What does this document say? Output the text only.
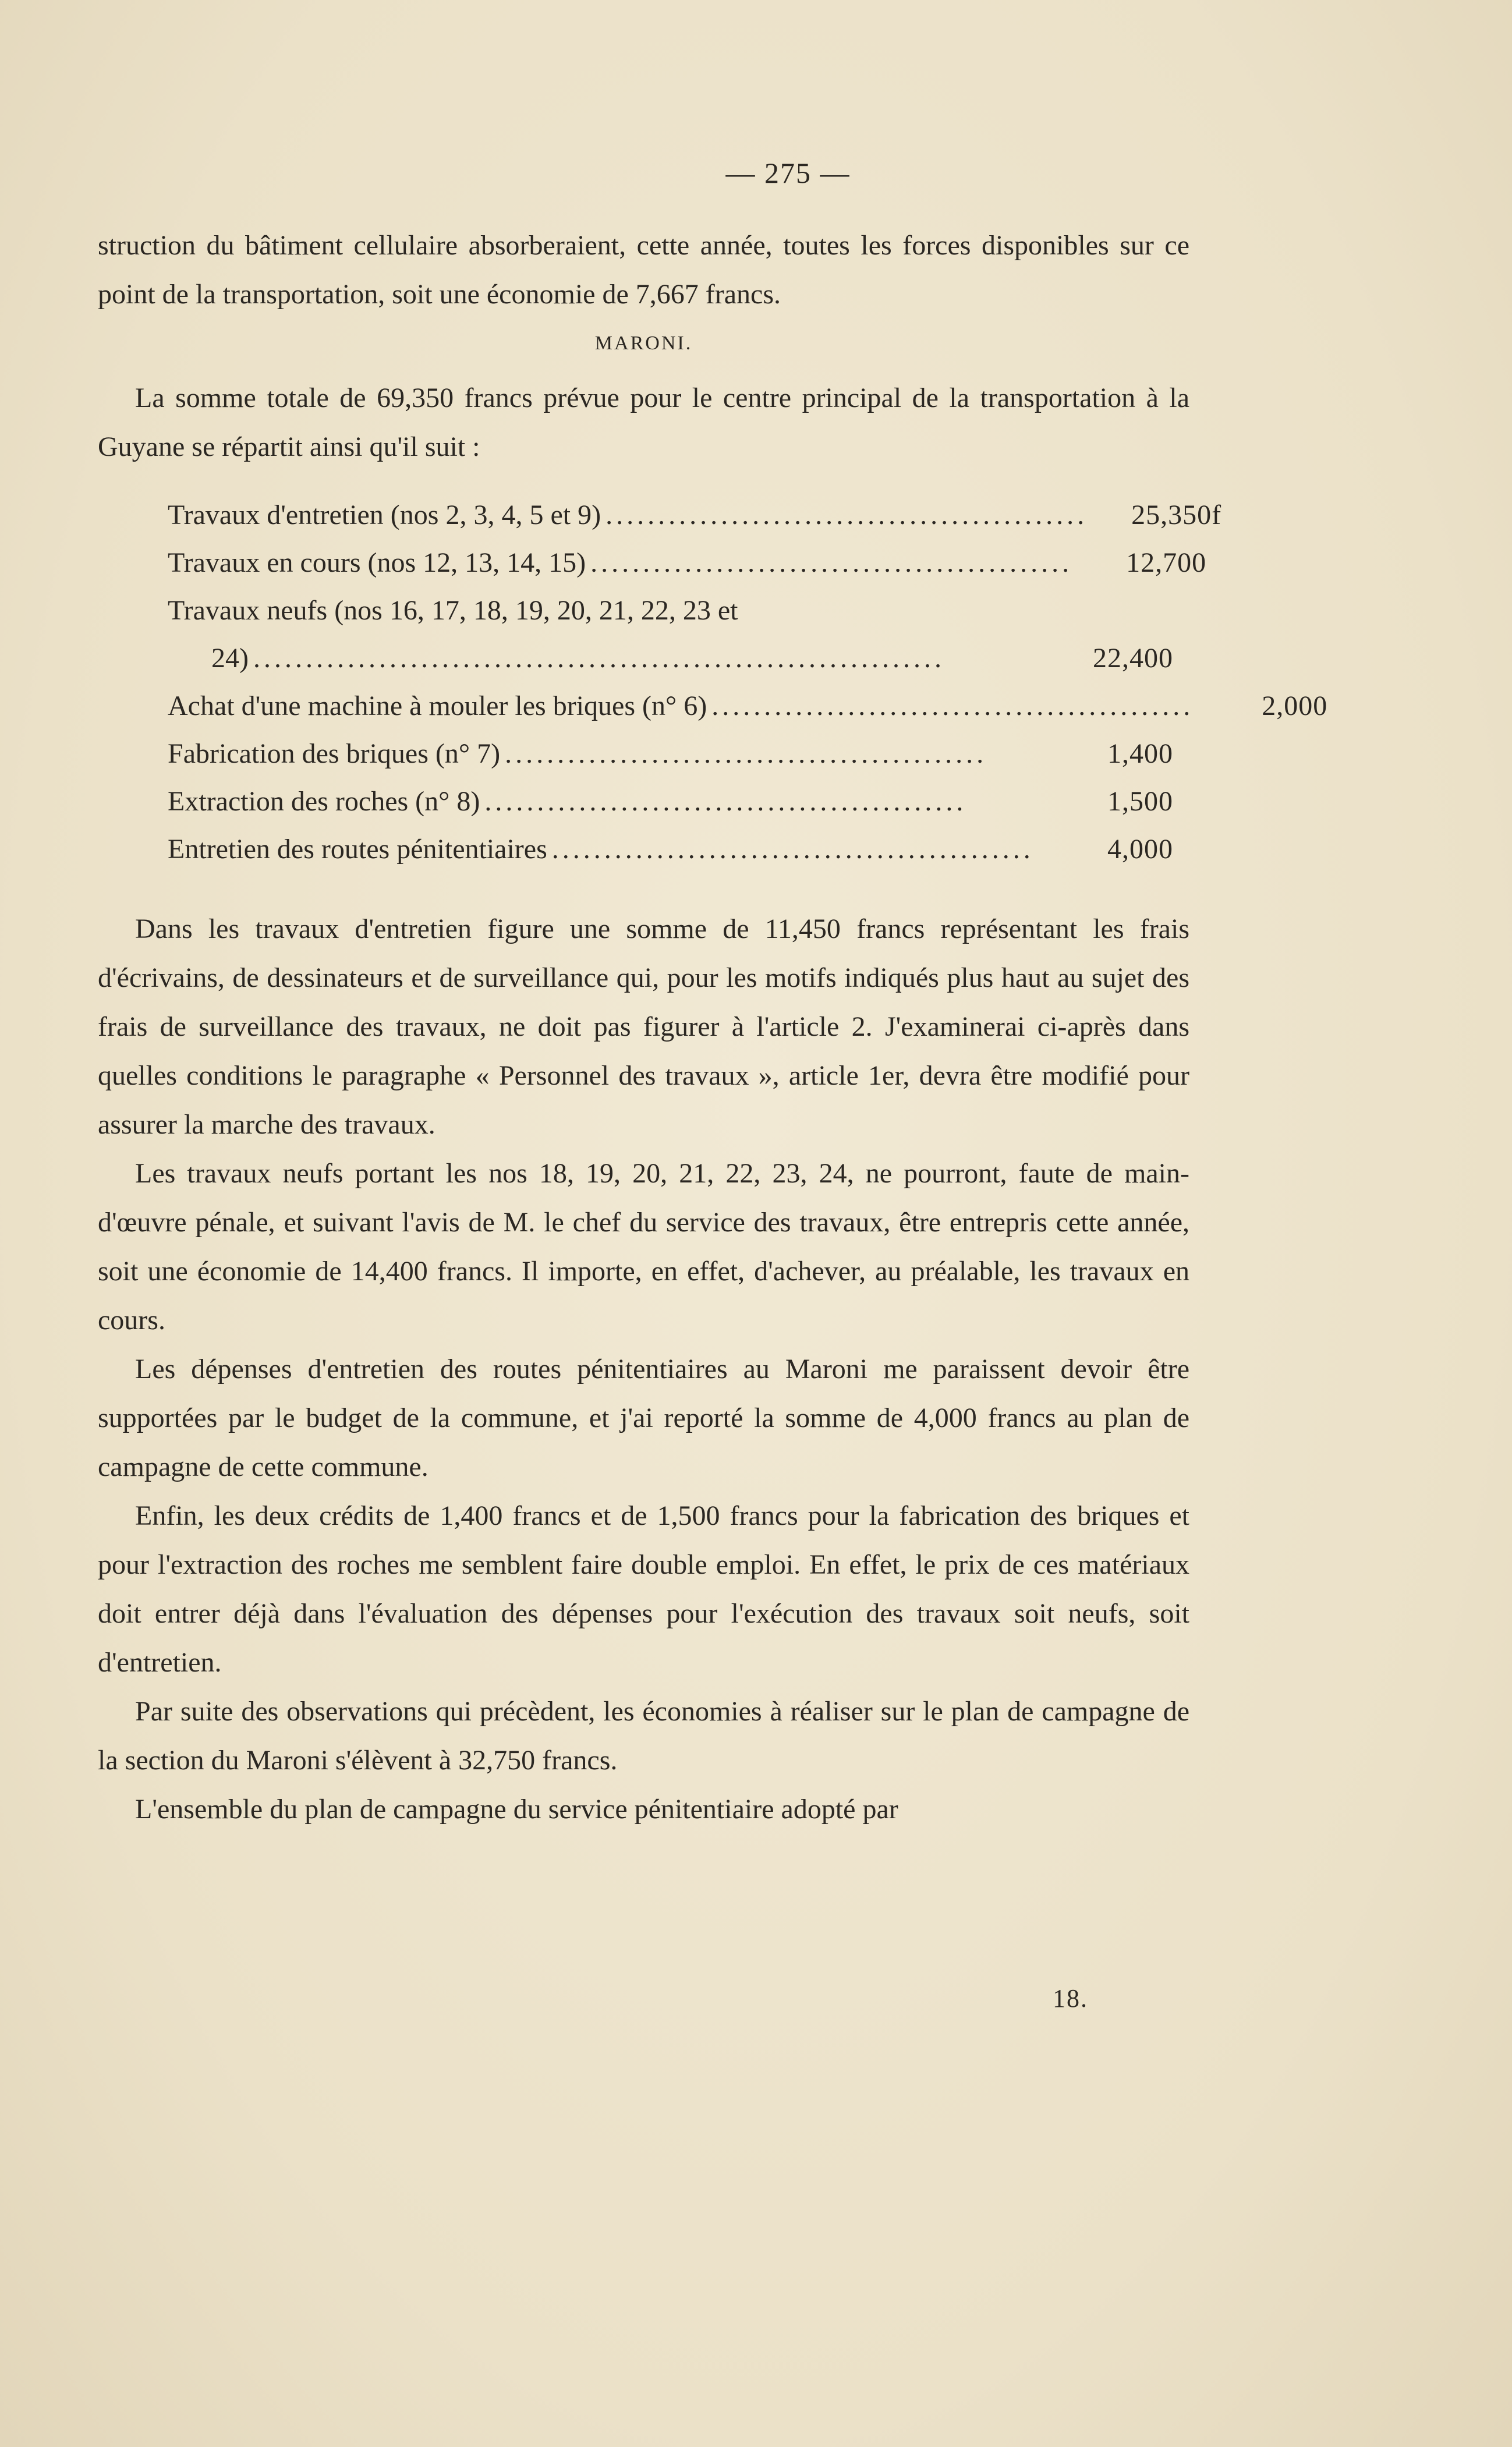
— 275 —

struction du bâtiment cellulaire absorberaient, cette année, toutes les forces disponibles sur ce point de la transportation, soit une économie de 7,667 francs.

MARONI.

La somme totale de 69,350 francs prévue pour le centre principal de la transportation à la Guyane se répartit ainsi qu'il suit :

Travaux d'entretien (nos 2, 3, 4, 5 et 9) ..............................................	25,350f
Travaux en cours (nos 12, 13, 14, 15) ..............................................	12,700
Travaux neufs (nos 16, 17, 18, 19, 20, 21, 22, 23 et
24) ..................................................................	22,400
Achat d'une machine à mouler les briques (n° 6) ..............................................	2,000
Fabrication des briques (n° 7) ..............................................	1,400
Extraction des roches (n° 8) ..............................................	1,500
Entretien des routes pénitentiaires ..............................................	4,000

Dans les travaux d'entretien figure une somme de 11,450 francs représentant les frais d'écrivains, de dessinateurs et de surveillance qui, pour les motifs indiqués plus haut au sujet des frais de surveillance des travaux, ne doit pas figurer à l'article 2. J'examinerai ci-après dans quelles conditions le paragraphe « Personnel des travaux », article 1er, devra être modifié pour assurer la marche des travaux.

Les travaux neufs portant les nos 18, 19, 20, 21, 22, 23, 24, ne pourront, faute de main-d'œuvre pénale, et suivant l'avis de M. le chef du service des travaux, être entrepris cette année, soit une économie de 14,400 francs. Il importe, en effet, d'achever, au préalable, les travaux en cours.

Les dépenses d'entretien des routes pénitentiaires au Maroni me paraissent devoir être supportées par le budget de la commune, et j'ai reporté la somme de 4,000 francs au plan de campagne de cette commune.

Enfin, les deux crédits de 1,400 francs et de 1,500 francs pour la fabrication des briques et pour l'extraction des roches me semblent faire double emploi. En effet, le prix de ces matériaux doit entrer déjà dans l'évaluation des dépenses pour l'exécution des travaux soit neufs, soit d'entretien.

Par suite des observations qui précèdent, les économies à réaliser sur le plan de campagne de la section du Maroni s'élèvent à 32,750 francs.

L'ensemble du plan de campagne du service pénitentiaire adopté par

18.
